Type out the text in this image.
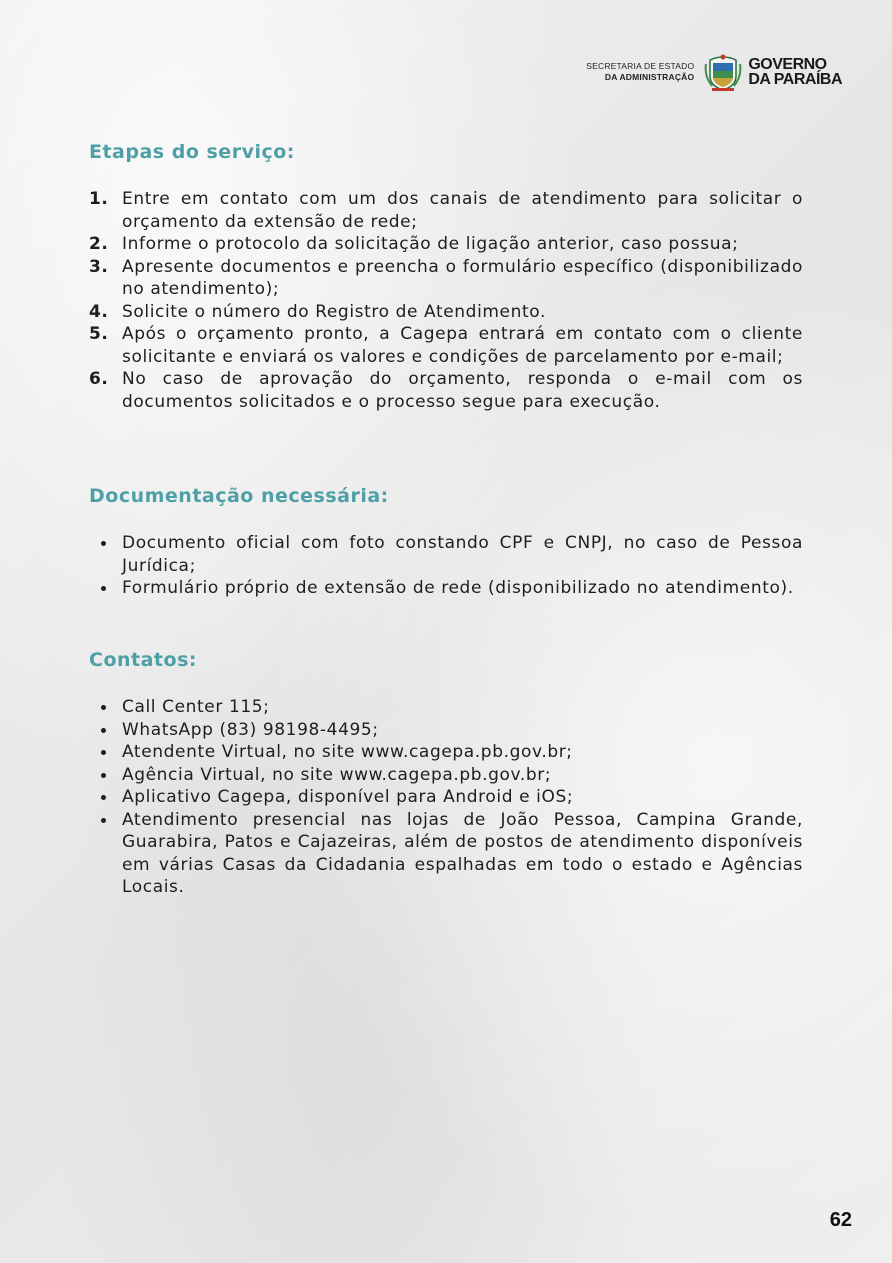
SECRETARIA DE ESTADO
DA ADMINISTRAÇÃO
GOVERNO
DA PARAÍBA
Etapas do serviço:
1. Entre em contato com um dos canais de atendimento para solicitar o orçamento da extensão de rede;
2. Informe o protocolo da solicitação de ligação anterior, caso possua;
3. Apresente documentos e preencha o formulário específico (disponibilizado no atendimento);
4. Solicite o número do Registro de Atendimento.
5. Após o orçamento pronto, a Cagepa entrará em contato com o cliente solicitante e enviará os valores e condições de parcelamento por e-mail;
6. No caso de aprovação do orçamento, responda o e-mail com os documentos solicitados e o processo segue para execução.
Documentação necessária:
Documento oficial com foto constando CPF e CNPJ, no caso de Pessoa Jurídica;
Formulário próprio de extensão de rede (disponibilizado no atendimento).
Contatos:
Call Center 115;
WhatsApp (83) 98198-4495;
Atendente Virtual, no site www.cagepa.pb.gov.br;
Agência Virtual, no site www.cagepa.pb.gov.br;
Aplicativo Cagepa, disponível para Android e iOS;
Atendimento presencial nas lojas de João Pessoa, Campina Grande, Guarabira, Patos e Cajazeiras, além de postos de atendimento disponíveis em várias Casas da Cidadania espalhadas em todo o estado e Agências Locais.
62
